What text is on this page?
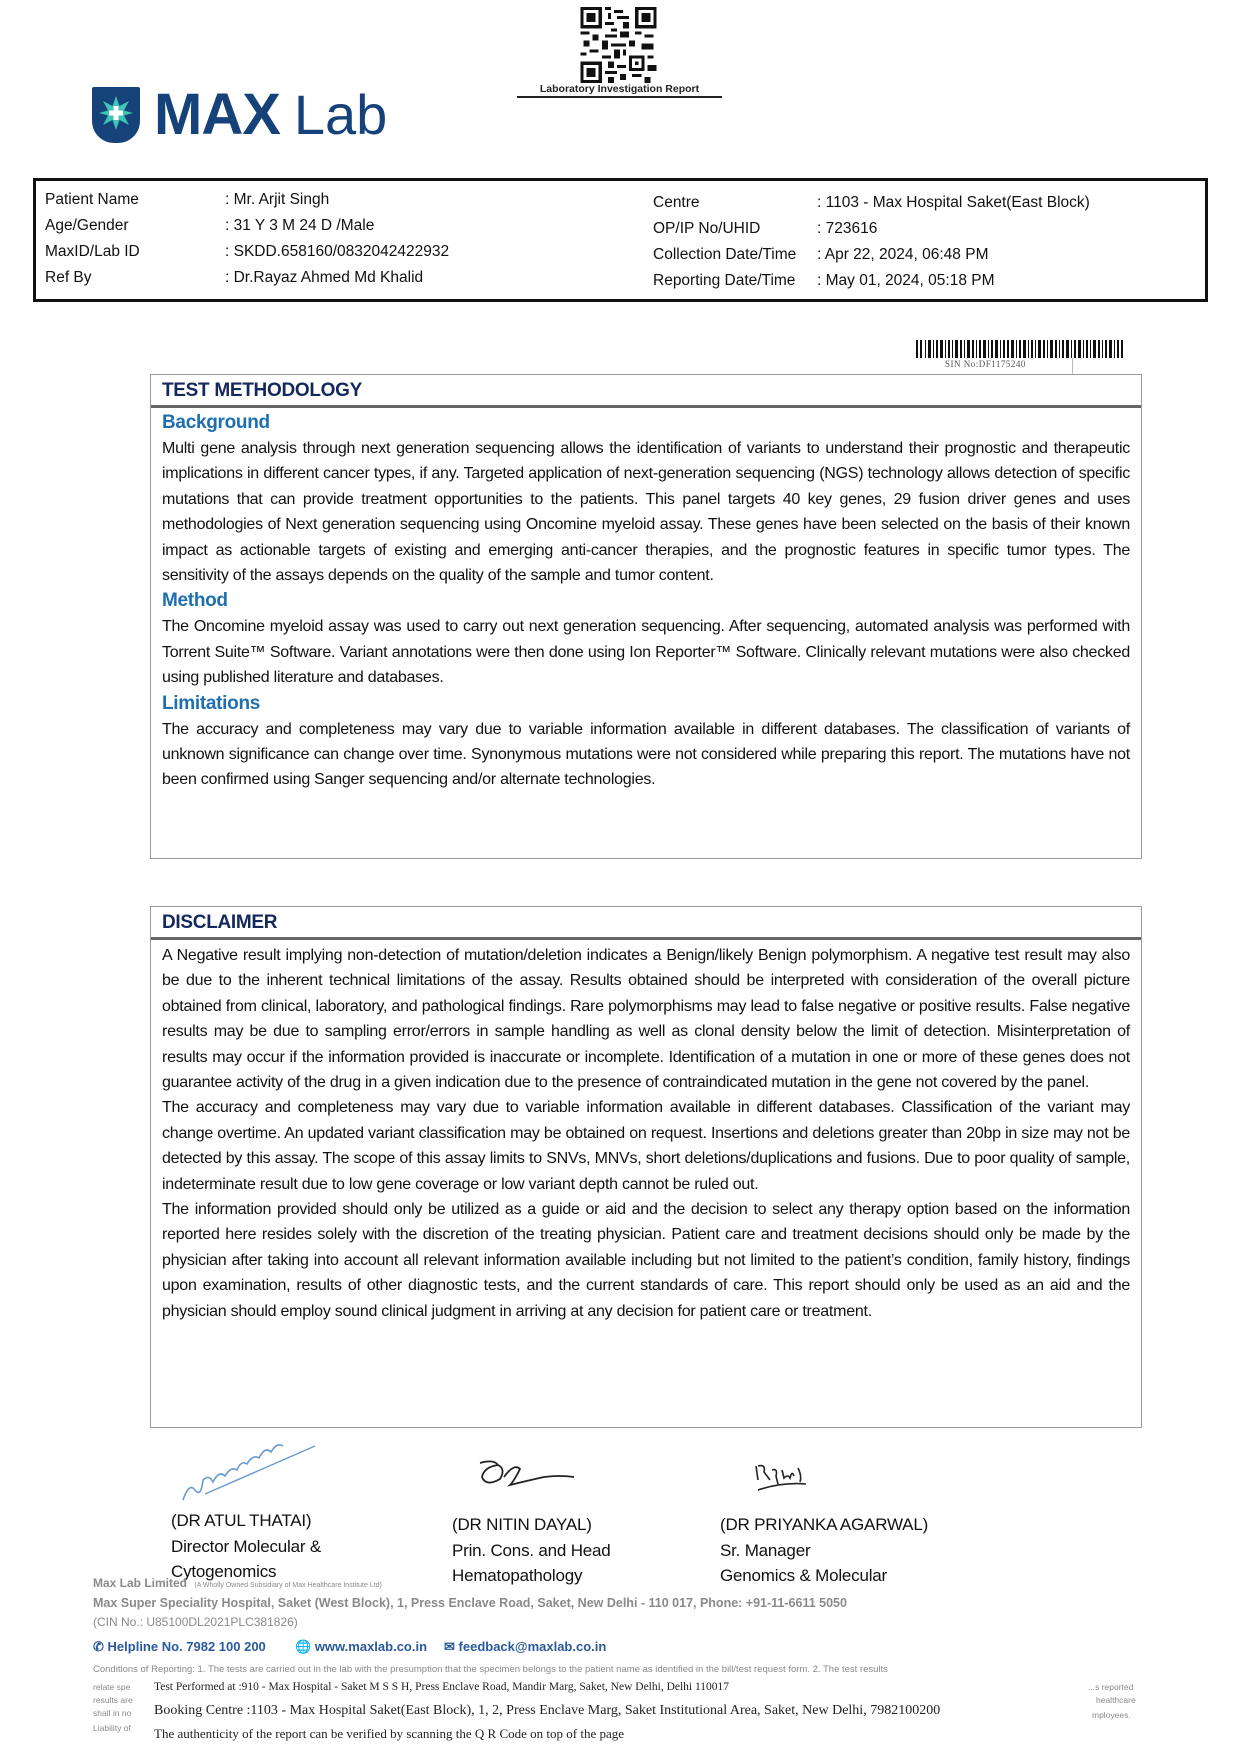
MAX Lab	Laboratory Investigation Report
Patient Name	: Mr. Arjit Singh
Age/Gender	: 31 Y 3 M 24 D /Male
MaxID/Lab ID	: SKDD.658160/0832042422932
Ref By	: Dr.Rayaz Ahmed Md Khalid
Centre	: 1103 - Max Hospital Saket(East Block)
OP/IP No/UHID	: 723616
Collection Date/Time : Apr 22, 2024, 06:48 PM
Reporting Date/Time : May 01, 2024, 05:18 PM
SIN No:DF1175240
TEST METHODOLOGY
Background

Multi gene analysis through next generation sequencing allows the identification of variants to understand their prognostic and therapeutic implications in different cancer types, if any. Targeted application of next-generation sequencing (NGS) technology allows detection of specific mutations that can provide treatment opportunities to the patients. This panel targets 40 key genes, 29 fusion driver genes and uses methodologies of Next generation sequencing using Oncomine myeloid assay. These genes have been selected on the basis of their known impact as actionable targets of existing and emerging anti-cancer therapies, and the prognostic features in specific tumor types. The sensitivity of the assays depends on the quality of the sample and tumor content.

Method

The Oncomine myeloid assay was used to carry out next generation sequencing. After sequencing, automated analysis was performed with Torrent Suite™ Software. Variant annotations were then done using Ion Reporter™ Software. Clinically relevant mutations were also checked using published literature and databases.

Limitations

The accuracy and completeness may vary due to variable information available in different databases. The classification of variants of unknown significance can change over time. Synonymous mutations were not considered while preparing this report. The mutations have not been confirmed using Sanger sequencing and/or alternate technologies.

DISCLAIMER

A Negative result implying non-detection of mutation/deletion indicates a Benign/likely Benign polymorphism. A negative test result may also be due to the inherent technical limitations of the assay. Results obtained should be interpreted with consideration of the overall picture obtained from clinical, laboratory, and pathological findings. Rare polymorphisms may lead to false negative or positive results. False negative results may be due to sampling error/errors in sample handling as well as clonal density below the limit of detection. Misinterpretation of results may occur if the information provided is inaccurate or incomplete. Identification of a mutation in one or more of these genes does not guarantee activity of the drug in a given indication due to the presence of contraindicated mutation in the gene not covered by the panel.

The accuracy and completeness may vary due to variable information available in different databases. Classification of the variant may change overtime. An updated variant classification may be obtained on request. Insertions and deletions greater than 20bp in size may not be detected by this assay. The scope of this assay limits to SNVs, MNVs, short deletions/duplications and fusions. Due to poor quality of sample, indeterminate result due to low gene coverage or low variant depth cannot be ruled out.

The information provided should only be utilized as a guide or aid and the decision to select any therapy option based on the information reported here resides solely with the discretion of the treating physician. Patient care and treatment decisions should only be made by the physician after taking into account all relevant information available including but not limited to the patient’s condition, family history, findings upon examination, results of other diagnostic tests, and the current standards of care. This report should only be used as an aid and the physician should employ sound clinical judgment in arriving at any decision for patient care or treatment.

(DR ATUL THATAI)
Director Molecular &
Cytogenomics
(DR NITIN DAYAL)
Prin. Cons. and Head
Hematopathology
(DR PRIYANKA AGARWAL)
Sr. Manager
Genomics & Molecular
Max Lab Limited (A Wholly Owned Subsidiary of Max Healthcare Institute Ltd)
Max Super Speciality Hospital, Saket (West Block), 1, Press Enclave Road, Saket, New Delhi - 110 017, Phone: +91-11-6611 5050
(CIN No.: U85100DL2021PLC381826)
✆ Helpline No. 7982 100 200 🌐 www.maxlab.co.in ✉ feedback@maxlab.co.in
Conditions of Reporting: 1. The tests are carried out in the lab with the presumption that the specimen belongs to the patient name as identified in the bill/test request form. 2. The test results
relate spe
results are
shall in no
Liability of
...s reported
healthcare
mployees.
Test Performed at :910 - Max Hospital - Saket M S S H, Press Enclave Road, Mandir Marg, Saket, New Delhi, Delhi 110017
Booking Centre :1103 - Max Hospital Saket(East Block), 1, 2, Press Enclave Marg, Saket Institutional Area, Saket, New Delhi, 7982100200
The authenticity of the report can be verified by scanning the Q R Code on top of the page
